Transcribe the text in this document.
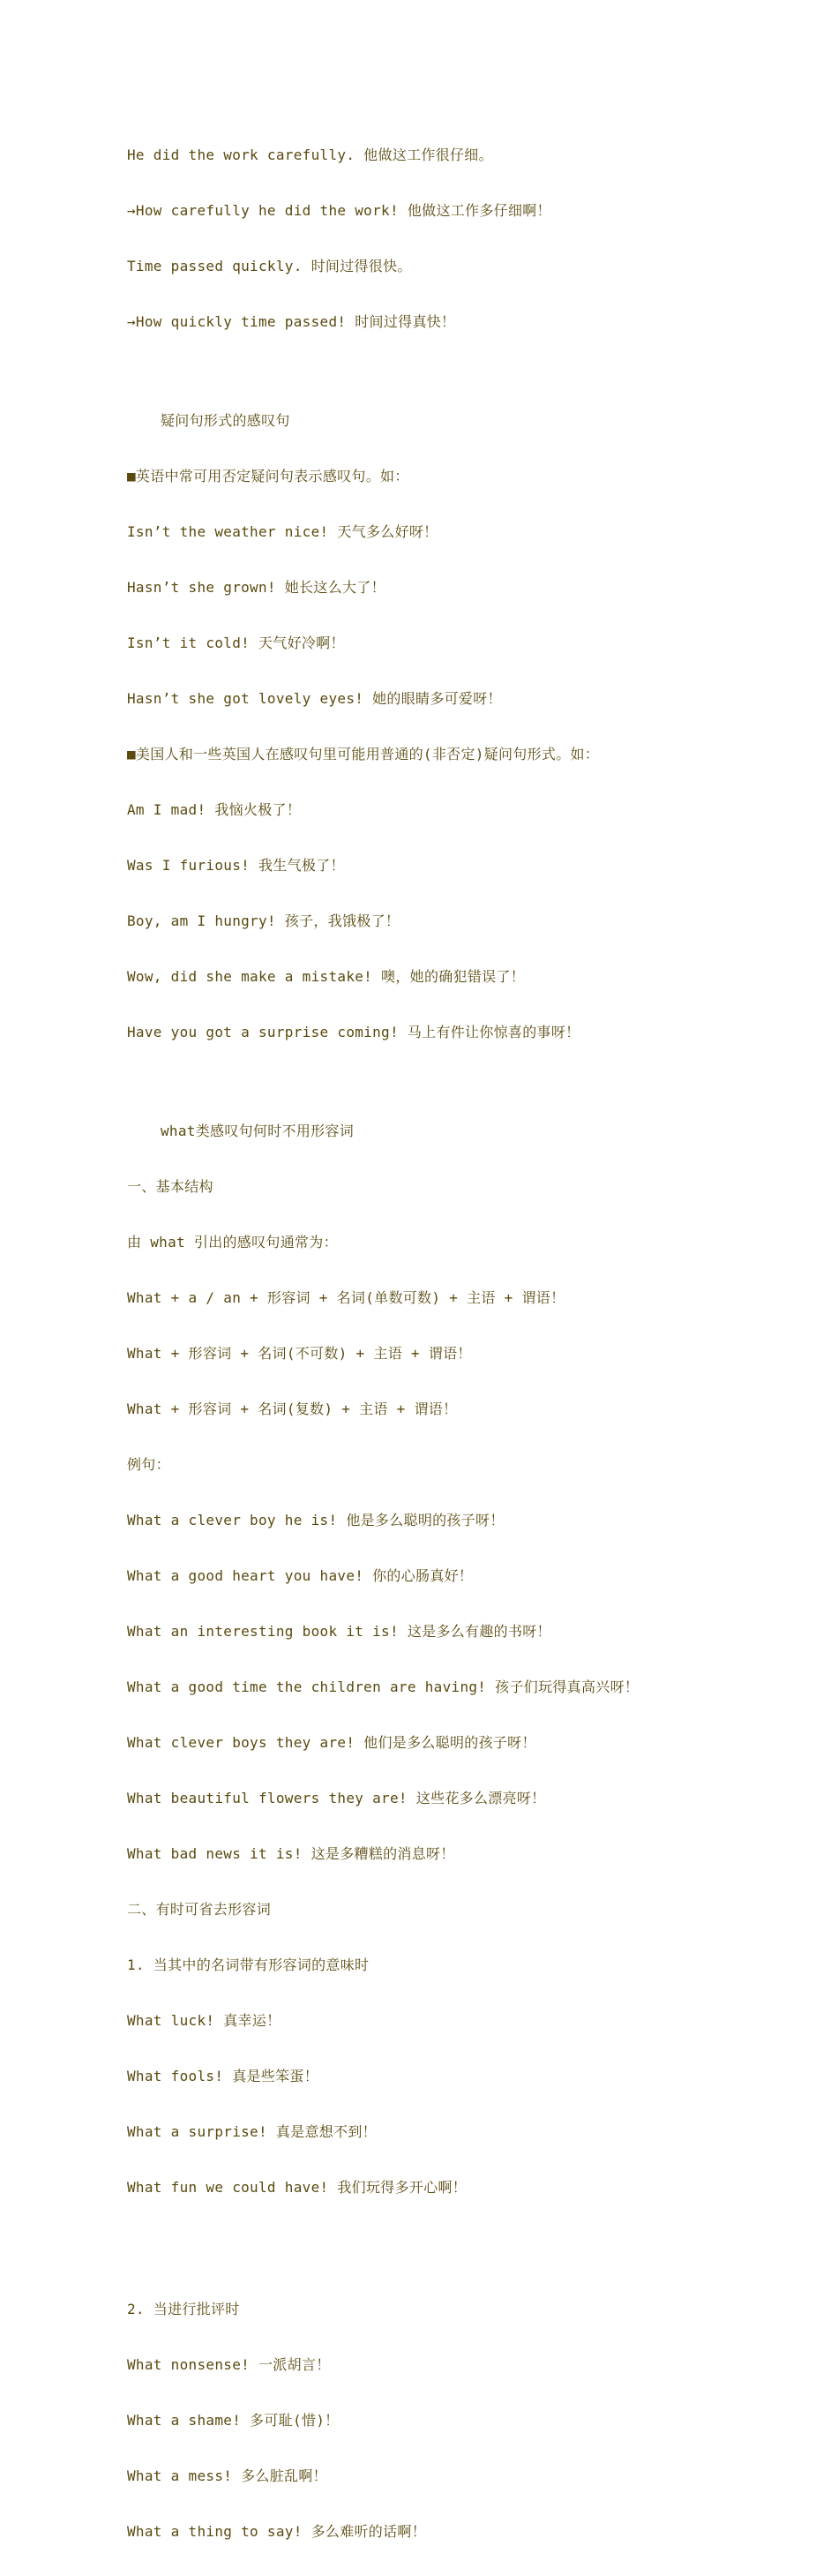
He did the work carefully. 他做这工作很仔细。

→How carefully he did the work! 他做这工作多仔细啊！

Time passed quickly. 时间过得很快。

→How quickly time passed! 时间过得真快！

疑问句形式的感叹句

■英语中常可用否定疑问句表示感叹句。如：

Isn’t the weather nice! 天气多么好呀！

Hasn’t she grown! 她长这么大了！

Isn’t it cold! 天气好冷啊！

Hasn’t she got lovely eyes! 她的眼睛多可爱呀！

■美国人和一些英国人在感叹句里可能用普通的(非否定)疑问句形式。如：

Am I mad! 我恼火极了！

Was I furious! 我生气极了！

Boy, am I hungry! 孩子，我饿极了！

Wow, did she make a mistake! 噢，她的确犯错误了！

Have you got a surprise coming! 马上有件让你惊喜的事呀！

what类感叹句何时不用形容词

一、基本结构

由 what 引出的感叹句通常为：

What + a / an + 形容词 + 名词(单数可数) + 主语 + 谓语！

What + 形容词 + 名词(不可数) + 主语 + 谓语！

What + 形容词 + 名词(复数) + 主语 + 谓语！

例句：

What a clever boy he is! 他是多么聪明的孩子呀！

What a good heart you have! 你的心肠真好！

What an interesting book it is! 这是多么有趣的书呀！

What a good time the children are having! 孩子们玩得真高兴呀！

What clever boys they are! 他们是多么聪明的孩子呀！

What beautiful flowers they are! 这些花多么漂亮呀！

What bad news it is! 这是多糟糕的消息呀！

二、有时可省去形容词

1. 当其中的名词带有形容词的意味时

What luck! 真幸运！

What fools! 真是些笨蛋！

What a surprise! 真是意想不到！

What fun we could have! 我们玩得多开心啊！

2. 当进行批评时

What nonsense! 一派胡言！

What a shame! 多可耻(惜)！

What a mess! 多么脏乱啊！

What a thing to say! 多么难听的话啊！
